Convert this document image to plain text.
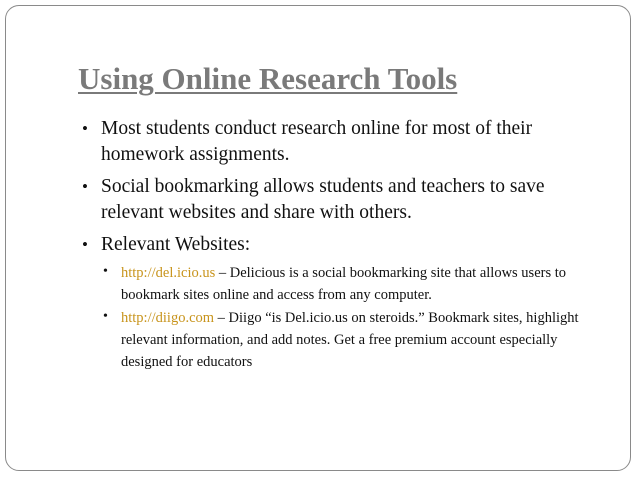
Using Online Research Tools
• Most students conduct research online for most of their homework assignments.
• Social bookmarking allows students and teachers to save relevant websites and share with others.
• Relevant Websites:
• http://del.icio.us – Delicious is a social bookmarking site that allows users to bookmark sites online and access from any computer.
• http://diigo.com – Diigo “is Del.icio.us on steroids.” Bookmark sites, highlight relevant information, and add notes. Get a free premium account especially designed for educators
